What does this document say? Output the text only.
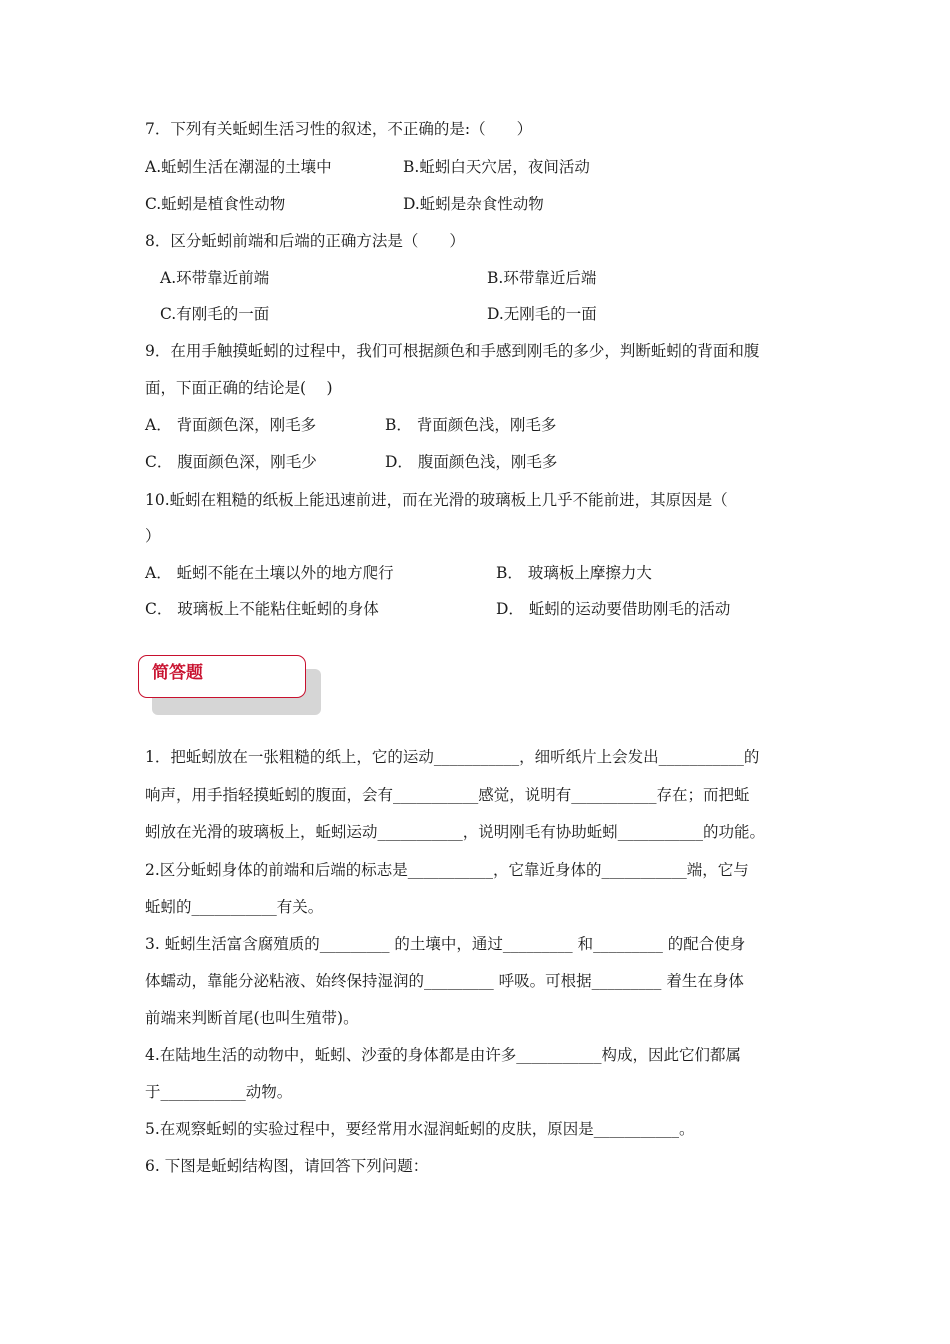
7．下列有关蚯蚓生活习性的叙述，不正确的是:（　　）
A.蚯蚓生活在潮湿的土壤中	B.蚯蚓白天穴居，夜间活动
C.蚯蚓是植食性动物	D.蚯蚓是杂食性动物
8．区分蚯蚓前端和后端的正确方法是（　　）
A.环带靠近前端	B.环带靠近后端
C.有刚毛的一面	D.无刚毛的一面
9．在用手触摸蚯蚓的过程中，我们可根据颜色和手感到刚毛的多少，判断蚯蚓的背面和腹
面，下面正确的结论是(　 )
A． 背面颜色深，刚毛多	B． 背面颜色浅，刚毛多
C． 腹面颜色深，刚毛少	D． 腹面颜色浅，刚毛多
10.蚯蚓在粗糙的纸板上能迅速前进，而在光滑的玻璃板上几乎不能前进，其原因是（
）
A． 蚯蚓不能在土壤以外的地方爬行	B． 玻璃板上摩擦力大
C． 玻璃板上不能粘住蚯蚓的身体	D． 蚯蚓的运动要借助刚毛的活动
简答题
1．把蚯蚓放在一张粗糙的纸上，它的运动___________，细听纸片上会发出___________的
响声，用手指轻摸蚯蚓的腹面，会有___________感觉，说明有___________存在；而把蚯
蚓放在光滑的玻璃板上，蚯蚓运动___________，说明刚毛有协助蚯蚓___________的功能。
2.区分蚯蚓身体的前端和后端的标志是___________，它靠近身体的___________端，它与
蚯蚓的___________有关。
3. 蚯蚓生活富含腐殖质的_________ 的土壤中，通过_________ 和_________ 的配合使身
体蠕动，靠能分泌粘液、始终保持湿润的_________ 呼吸。可根据_________ 着生在身体
前端来判断首尾(也叫生殖带)。
4.在陆地生活的动物中，蚯蚓、沙蚕的身体都是由许多___________构成，因此它们都属
于___________动物。
5.在观察蚯蚓的实验过程中，要经常用水湿润蚯蚓的皮肤，原因是___________。
6. 下图是蚯蚓结构图，请回答下列问题：
